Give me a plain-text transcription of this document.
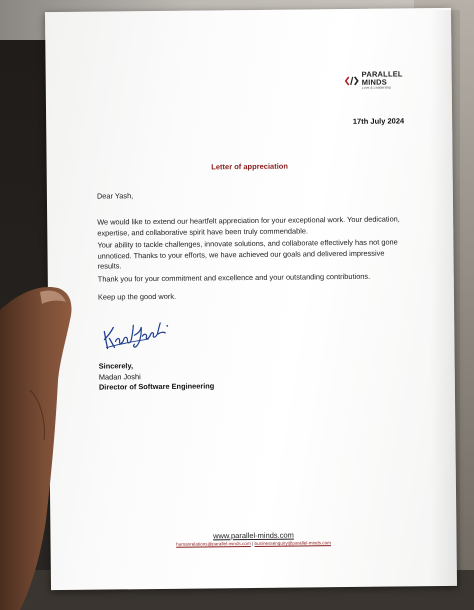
PARALLEL MINDS
Love & Leadership
17th July 2024
Letter of appreciation
Dear Yash,

We would like to extend our heartfelt appreciation for your exceptional work. Your dedication, expertise, and collaborative spirit have been truly commendable.

Your ability to tackle challenges, innovate solutions, and collaborate effectively has not gone unnoticed. Thanks to your efforts, we have achieved our goals and delivered impressive results.

Thank you for your commitment and excellence and your outstanding contributions.

Keep up the good work.

Sincerely,
Madan Joshi
Director of Software Engineering
www.parallel-minds.com
humanrelations@parallel-minds.com | businessenquiry@parallel-minds.com
